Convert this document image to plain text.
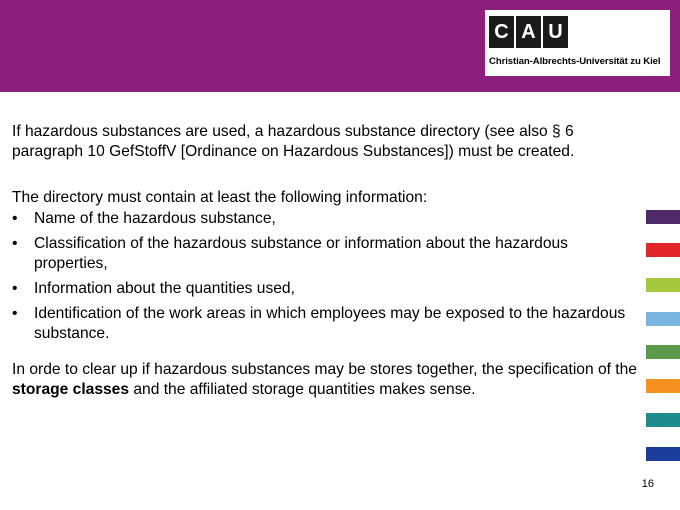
C A U
Christian-Albrechts-Universität zu Kiel

If hazardous substances are used, a hazardous substance directory (see also § 6 paragraph 10 GefStoffV [Ordinance on Hazardous Substances]) must be created.

The directory must contain at least the following information:

•	Name of the hazardous substance,
•	Classification of the hazardous substance or information about the hazardous properties,
•	Information about the quantities used,
•	Identification of the work areas in which employees may be exposed to the hazardous substance.

In orde to clear up if hazardous substances may be stores together, the specification of the storage classes and the affiliated storage quantities makes sense.

16
